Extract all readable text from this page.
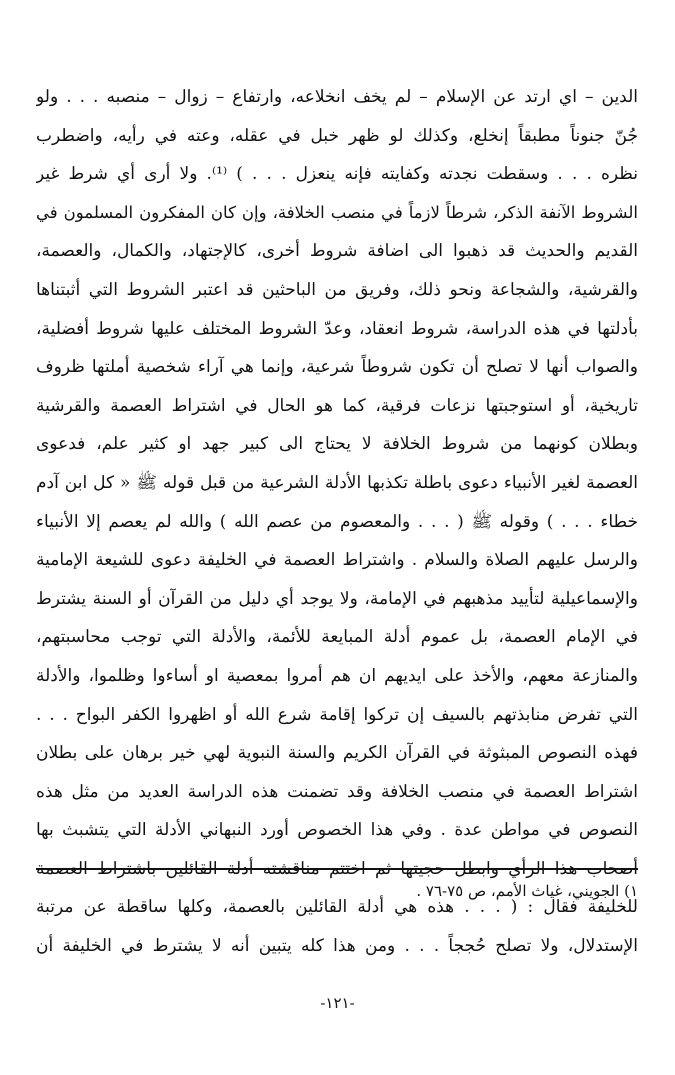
الدين – اي ارتد عن الإسلام – لم يخف انخلاعه، وارتفاع – زوال – منصبه . . . ولو
جُنّ جنوناً مطبقاً إنخلع، وكذلك لو ظهر خبل في عقله، وعته في رأيه، واضطرب
نظره . . . وسقطت نجدته وكفايته فإنه ينعزل . . . ) ⁽¹⁾. ولا أرى أي شرط غير
الشروط الآنفة الذكر، شرطاً لازماً في منصب الخلافة، وإن كان المفكرون المسلمون في
القديم والحديث قد ذهبوا الى اضافة شروط أخرى، كالإجتهاد، والكمال، والعصمة،
والقرشية، والشجاعة ونحو ذلك، وفريق من الباحثين قد اعتبر الشروط التي أثبتناها
بأدلتها في هذه الدراسة، شروط انعقاد، وعدّ الشروط المختلف عليها شروط أفضلية،
والصواب أنها لا تصلح أن تكون شروطاً شرعية، وإنما هي آراء شخصية أملتها ظروف
تاريخية، أو استوجبتها نزعات فرقية، كما هو الحال في اشتراط العصمة والقرشية
وبطلان كونهما من شروط الخلافة لا يحتاج الى كبير جهد او كثير علم، فدعوى
العصمة لغير الأنبياء دعوى باطلة تكذبها الأدلة الشرعية من قبل قوله ﷺ « كل ابن آدم
خطاء . . . ) وقوله ﷺ ( . . . والمعصوم من عصم الله ) والله لم يعصم إلا الأنبياء
والرسل عليهم الصلاة والسلام . واشتراط العصمة في الخليفة دعوى للشيعة الإمامية
والإسماعيلية لتأييد مذهبهم في الإمامة، ولا يوجد أي دليل من القرآن أو السنة يشترط
في الإمام العصمة، بل عموم أدلة المبايعة للأئمة، والأدلة التي توجب محاسبتهم،
والمنازعة معهم، والأخذ على ايديهم ان هم أمروا بمعصية او أساءوا وظلموا، والأدلة
التي تفرض منابذتهم بالسيف إن تركوا إقامة شرع الله أو اظهروا الكفر البواح . . .
فهذه النصوص المبثوثة في القرآن الكريم والسنة النبوية لهي خير برهان على بطلان
اشتراط العصمة في منصب الخلافة وقد تضمنت هذه الدراسة العديد من مثل هذه
النصوص في مواطن عدة . وفي هذا الخصوص أورد النبهاني الأدلة التي يتشبث بها
أصحاب هذا الرأي وابطل حجيتها ثم اختتم مناقشته أدلة القائلين باشتراط العصمة
للخليفة فقال : ( . . . هذه هي أدلة القائلين بالعصمة، وكلها ساقطة عن مرتبة
الإستدلال، ولا تصلح حُججاً . . . ومن هذا كله يتبين أنه لا يشترط في الخليفة أن
١) الجويني، غياث الأمم، ص ٧٥-٧٦ .
-١٢١-
